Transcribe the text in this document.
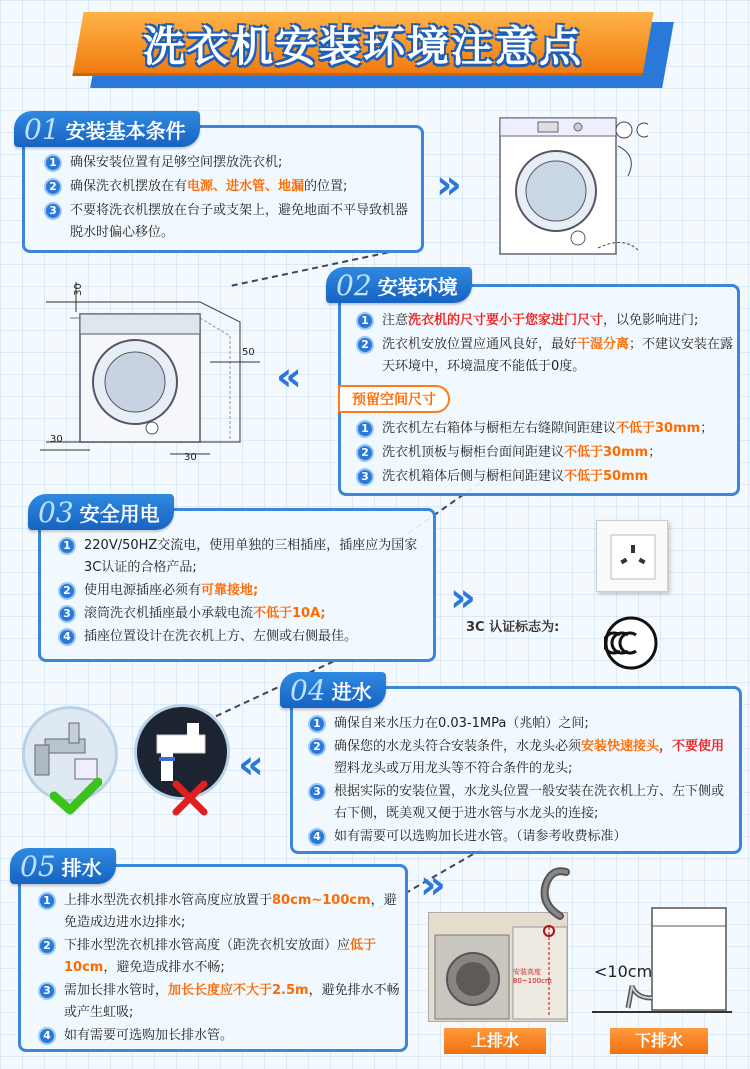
洗衣机安装环境注意点
01 安装基本条件
1	确保安装位置有足够空间摆放洗衣机;
2	确保洗衣机摆放在有电源、进水管、地漏的位置;
3	不要将洗衣机摆放在台子或支架上，避免地面不平导致机器脱水时偏心移位。
»
02 安装环境
1	注意洗衣机的尺寸要小于您家进门尺寸，以免影响进门;
2	洗衣机安放位置应通风良好，最好干湿分离；不建议安装在露天环境中，环境温度不能低于0度。
预留空间尺寸
1	洗衣机左右箱体与橱柜左右缝隙间距建议不低于30mm；
2	洗衣机顶板与橱柜台面间距建议不低于30mm；
3	洗衣机箱体后侧与橱柜间距建议不低于50mm
«
30
50
30
30
03 安全用电
1	220V/50HZ交流电，使用单独的三相插座，插座应为国家3C认证的合格产品;
2	使用电源插座必须有可靠接地;
3	滚筒洗衣机插座最小承载电流不低于10A;
4	插座位置设计在洗衣机上方、左侧或右侧最佳。
»
3C 认证标志为:
04 进水
1	确保自来水压力在0.03-1MPa（兆帕）之间;
2	确保您的水龙头符合安装条件，水龙头必须安装快速接头，不要使用塑料龙头或万用龙头等不符合条件的龙头;
3	根据实际的安装位置，水龙头位置一般安装在洗衣机上方、左下侧或右下侧，既美观又便于进水管与水龙头的连接;
4	如有需要可以选购加长进水管。（请参考收费标准）
«
05 排水
1	上排水型洗衣机排水管高度应放置于80cm~100cm，避免造成边进水边排水;
2	下排水型洗衣机排水管高度（距洗衣机安放面）应低于10cm，避免造成排水不畅;
3	需加长排水管时，加长长度应不大于2.5m，避免排水不畅或产生虹吸;
4	如有需要可选购加长排水管。
»
安装高度80~100cm
上排水
<10cm
下排水
